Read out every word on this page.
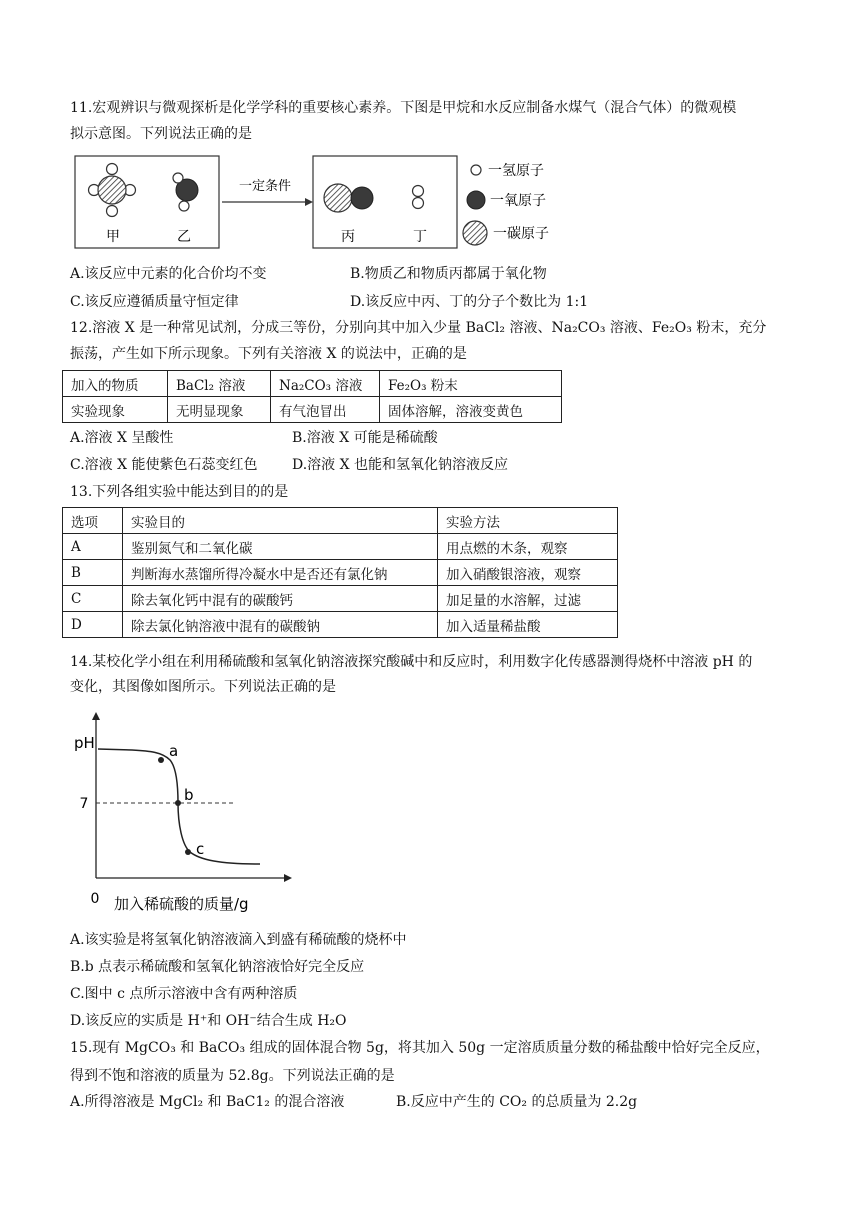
11.宏观辨识与微观探析是化学学科的重要核心素养。下图是甲烷和水反应制备水煤气（混合气体）的微观模
拟示意图。下列说法正确的是
甲	乙
一定条件
丙	丁
一氢原子
一氧原子
一碳原子
A.该反应中元素的化合价均不变	B.物质乙和物质丙都属于氧化物
C.该反应遵循质量守恒定律	D.该反应中丙、丁的分子个数比为 1:1
12.溶液 X 是一种常见试剂，分成三等份，分别向其中加入少量 BaCl₂ 溶液、Na₂CO₃ 溶液、Fe₂O₃ 粉末，充分
振荡，产生如下所示现象。下列有关溶液 X 的说法中，正确的是
加入的物质	BaCl₂ 溶液	Na₂CO₃ 溶液	Fe₂O₃ 粉末
实验现象	无明显现象	有气泡冒出	固体溶解，溶液变黄色
A.溶液 X 呈酸性	B.溶液 X 可能是稀硫酸
C.溶液 X 能使紫色石蕊变红色 D.溶液 X 也能和氢氧化钠溶液反应
13.下列各组实验中能达到目的的是
选项	实验目的	实验方法
A	鉴别氮气和二氧化碳	用点燃的木条，观察
B	判断海水蒸馏所得冷凝水中是否还有氯化钠	加入硝酸银溶液，观察
C	除去氧化钙中混有的碳酸钙	加足量的水溶解，过滤
D	除去氯化钠溶液中混有的碳酸钠	加入适量稀盐酸
14.某校化学小组在利用稀硫酸和氢氧化钠溶液探究酸碱中和反应时，利用数字化传感器测得烧杯中溶液 pH 的
变化，其图像如图所示。下列说法正确的是
pH
7
0 加入稀硫酸的质量/g
a
b
c
A.该实验是将氢氧化钠溶液滴入到盛有稀硫酸的烧杯中
B.b 点表示稀硫酸和氢氧化钠溶液恰好完全反应
C.图中 c 点所示溶液中含有两种溶质
D.该反应的实质是 H⁺和 OH⁻结合生成 H₂O
15.现有 MgCO₃ 和 BaCO₃ 组成的固体混合物 5g，将其加入 50g 一定溶质质量分数的稀盐酸中恰好完全反应，
得到不饱和溶液的质量为 52.8g。下列说法正确的是
A.所得溶液是 MgCl₂ 和 BaC1₂ 的混合溶液	B.反应中产生的 CO₂ 的总质量为 2.2g
